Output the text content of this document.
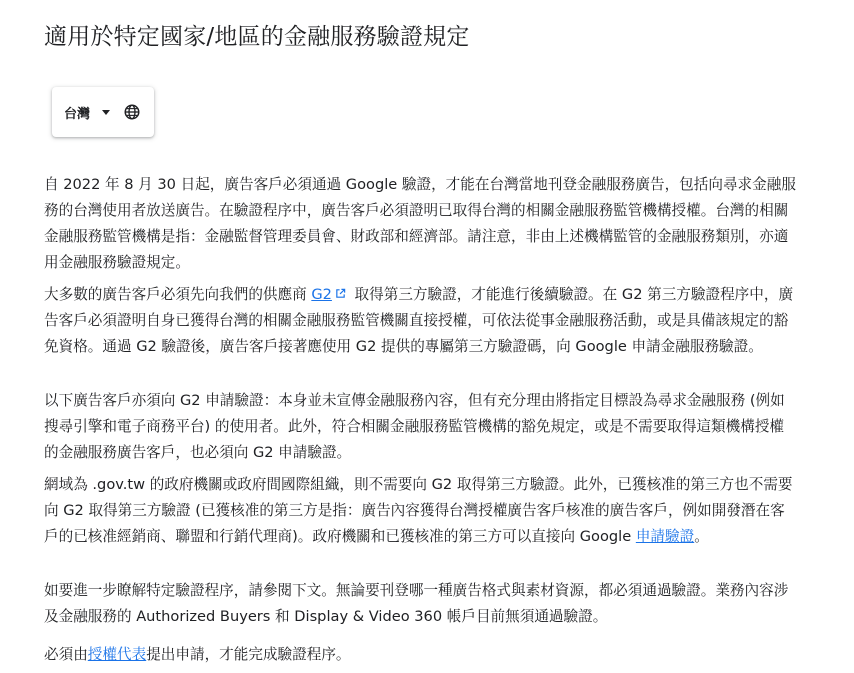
適用於特定國家/地區的金融服務驗證規定
台灣

自 2022 年 8 月 30 日起，廣告客戶必須通過 Google 驗證，才能在台灣當地刊登金融服務廣告，包括向尋求金融服務的台灣使用者放送廣告。在驗證程序中，廣告客戶必須證明已取得台灣的相關金融服務監管機構授權。台灣的相關金融服務監管機構是指：金融監督管理委員會、財政部和經濟部。請注意，非由上述機構監管的金融服務類別，亦適用金融服務驗證規定。

大多數的廣告客戶必須先向我們的供應商 G2 取得第三方驗證，才能進行後續驗證。在 G2 第三方驗證程序中，廣告客戶必須證明自身已獲得台灣的相關金融服務監管機關直接授權，可依法從事金融服務活動，或是具備該規定的豁免資格。通過 G2 驗證後，廣告客戶接著應使用 G2 提供的專屬第三方驗證碼，向 Google 申請金融服務驗證。

以下廣告客戶亦須向 G2 申請驗證：本身並未宣傳金融服務內容，但有充分理由將指定目標設為尋求金融服務 (例如搜尋引擎和電子商務平台) 的使用者。此外，符合相關金融服務監管機構的豁免規定，或是不需要取得這類機構授權的金融服務廣告客戶，也必須向 G2 申請驗證。

網域為 .gov.tw 的政府機關或政府間國際組織，則不需要向 G2 取得第三方驗證。此外，已獲核准的第三方也不需要向 G2 取得第三方驗證 (已獲核准的第三方是指：廣告內容獲得台灣授權廣告客戶核准的廣告客戶，例如開發潛在客戶的已核准經銷商、聯盟和行銷代理商)。政府機關和已獲核准的第三方可以直接向 Google 申請驗證。

如要進一步瞭解特定驗證程序，請參閱下文。無論要刊登哪一種廣告格式與素材資源，都必須通過驗證。業務內容涉及金融服務的 Authorized Buyers 和 Display & Video 360 帳戶目前無須通過驗證。

必須由授權代表提出申請，才能完成驗證程序。
